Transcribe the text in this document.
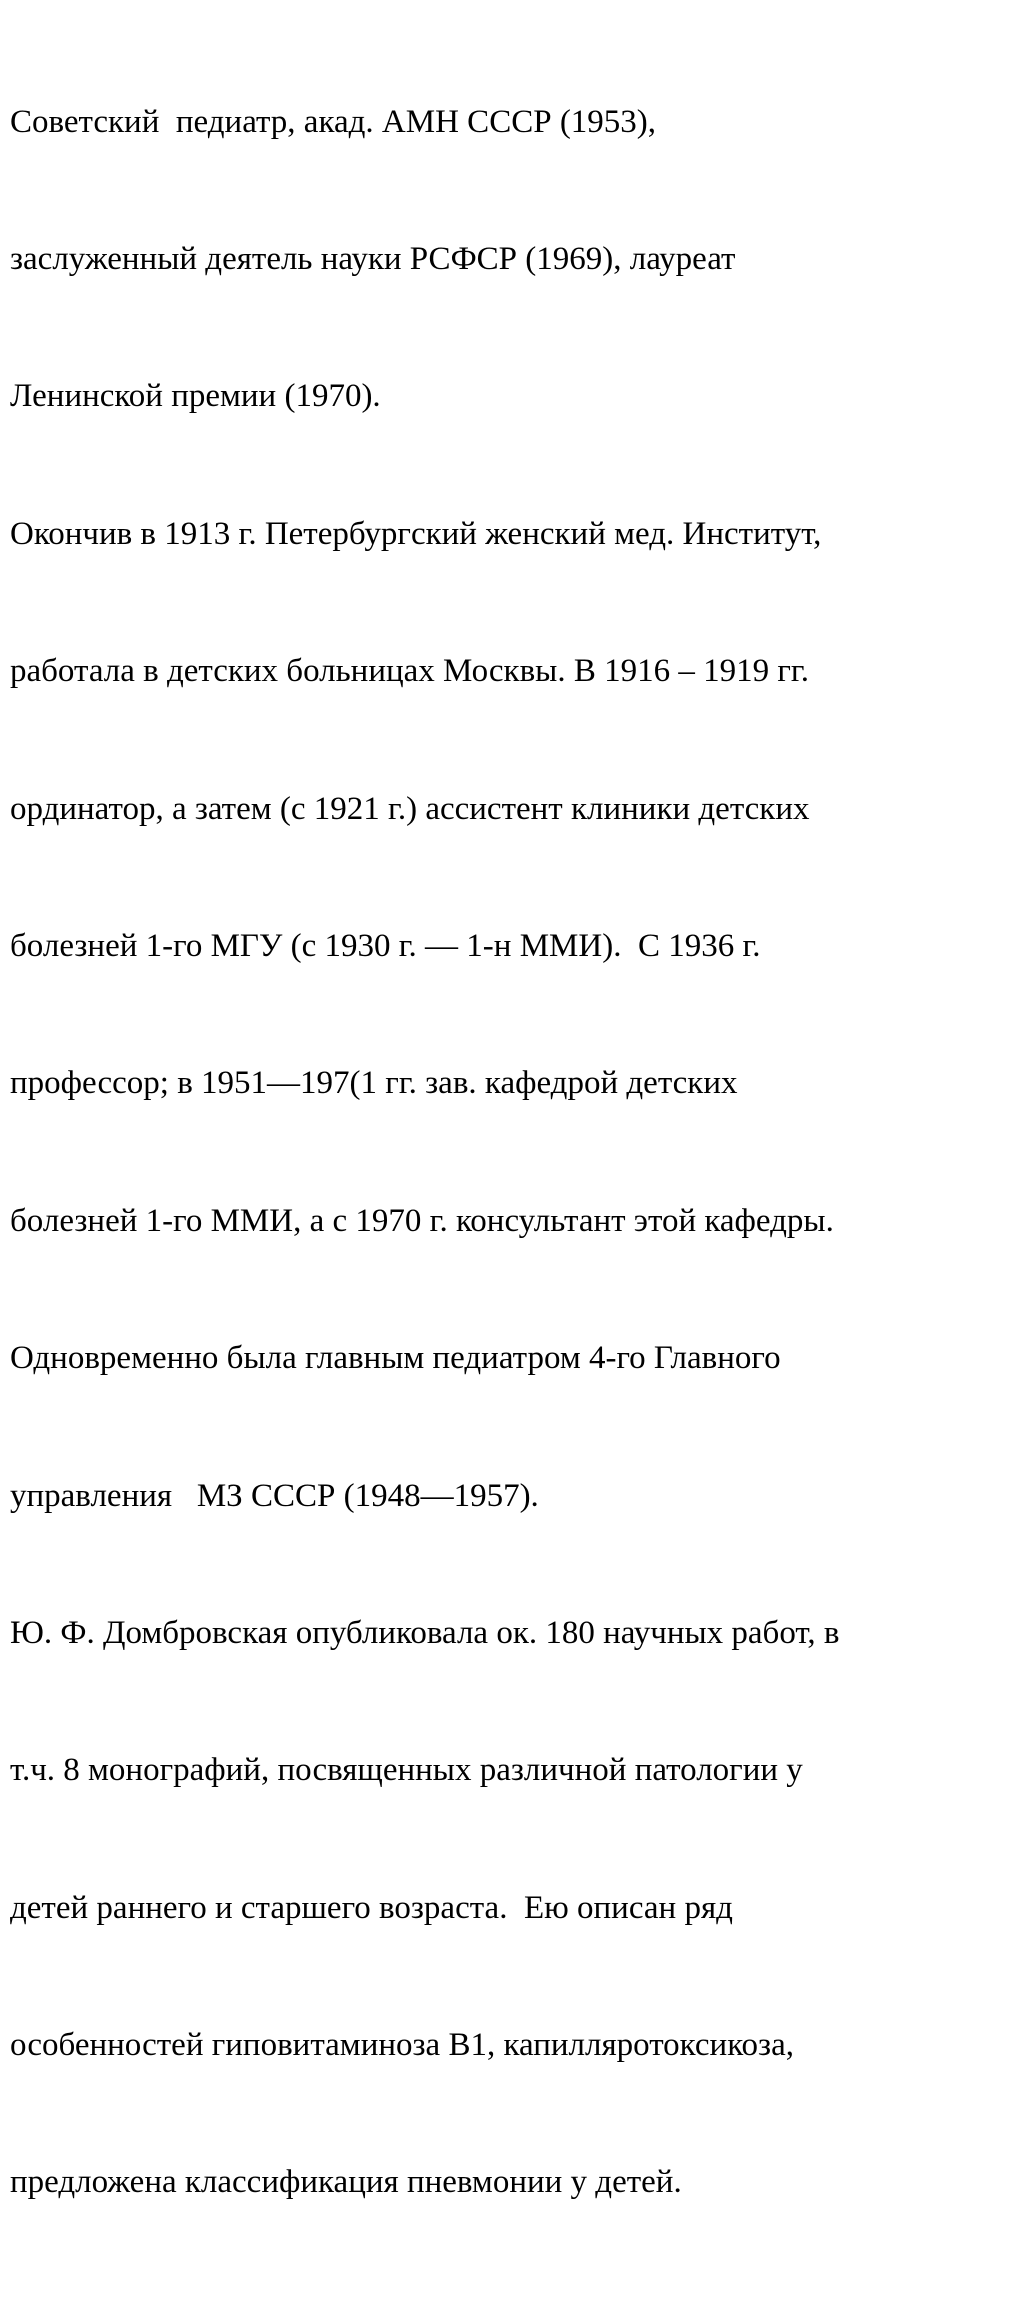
Советский  педиатр, акад. АМН СССР (1953),

заслуженный деятель науки РСФСР (1969), лауреат

Ленинской премии (1970).

Окончив в 1913 г. Петербургский женский мед. Институт,

работала в детских больницах Москвы. В 1916 – 1919 гг.

ординатор, а затем (с 1921 г.) ассистент клиники детских

болезней 1-го МГУ (с 1930 г. — 1-н ММИ).  С 1936 г.

профессор; в 1951—197(1 гг. зав. кафедрой детских

болезней 1-го ММИ, а с 1970 г. консультант этой кафедры.

Одновременно была главным педиатром 4-го Главного

управления   МЗ СССР (1948—1957).

Ю. Ф. Домбровская опубликовала ок. 180 научных работ, в

т.ч. 8 монографий, посвященных различной патологии у

детей раннего и старшего возраста.  Ею описан ряд

особенностей гиповитаминоза В1, капилляротоксикоза,

предложена классификация пневмонии у детей.
